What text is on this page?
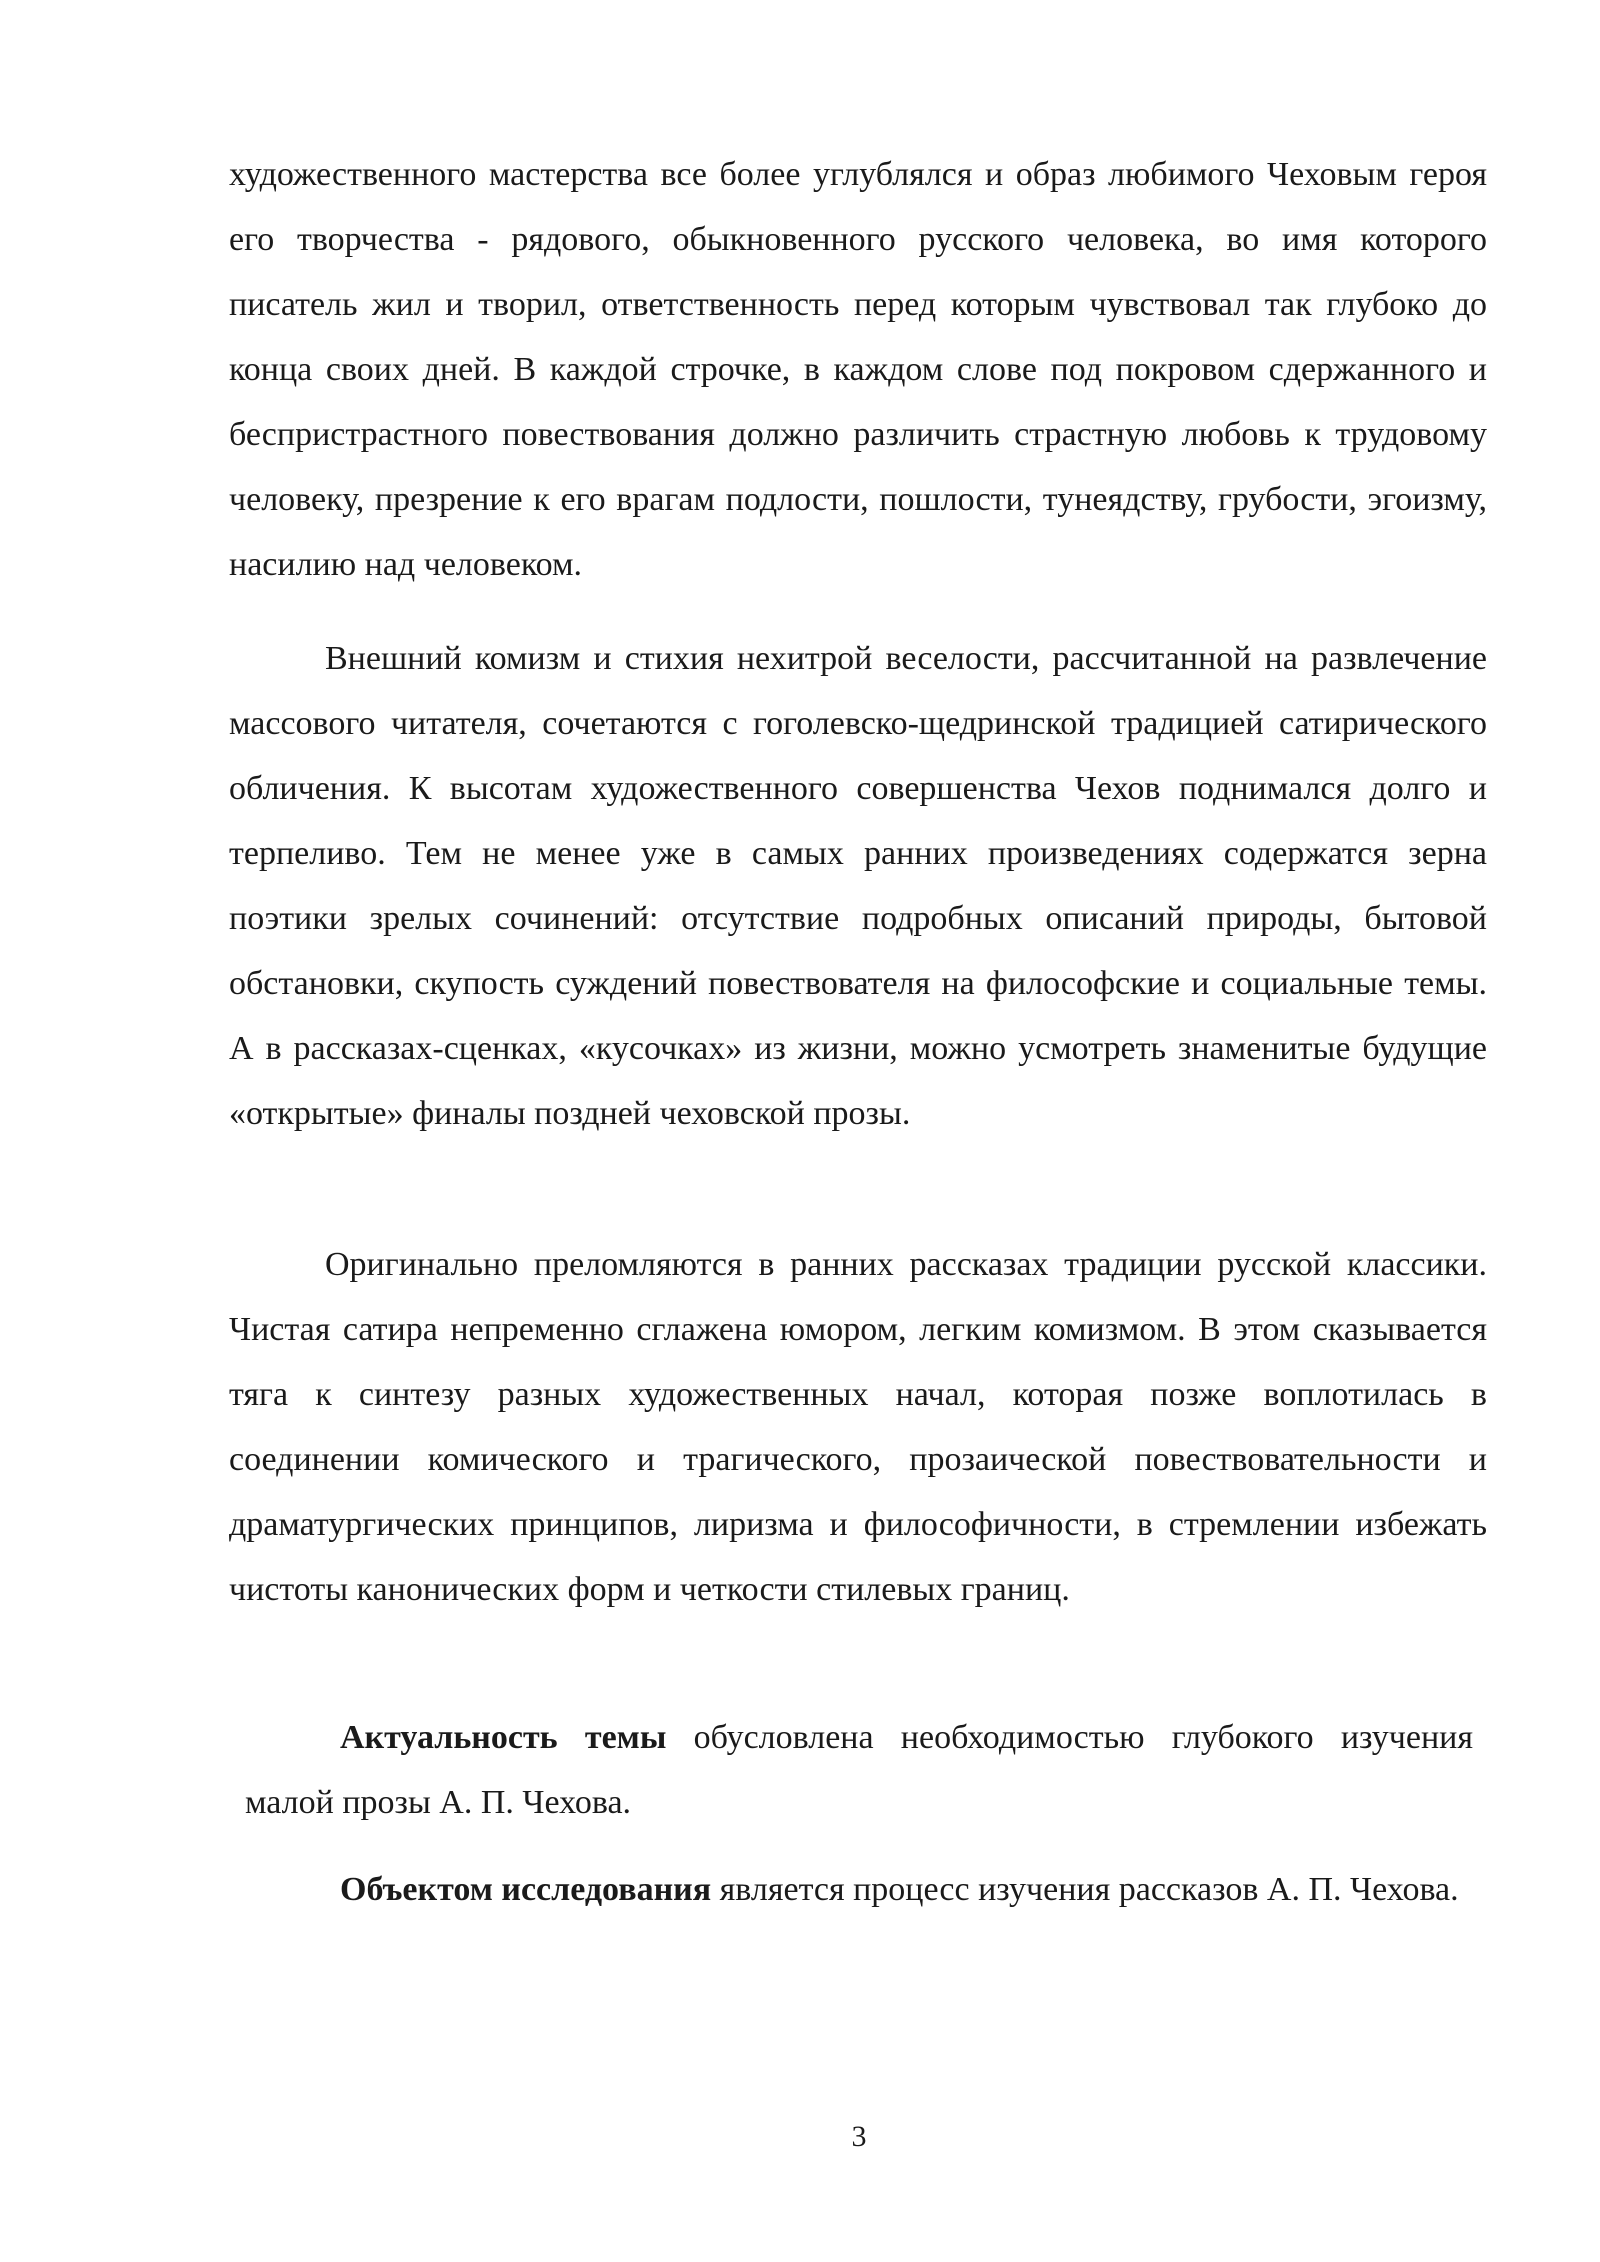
художественного мастерства все более углублялся и образ любимого Чеховым героя его творчества - рядового, обыкновенного русского человека, во имя которого писатель жил и творил, ответственность перед которым чувствовал так глубоко до конца своих дней. В каждой строчке, в каждом слове под покровом сдержанного и беспристрастного повествования должно различить страстную любовь к трудовому человеку, презрение к его врагам подлости, пошлости, тунеядству, грубости, эгоизму, насилию над человеком.

Внешний комизм и стихия нехитрой веселости, рассчитанной на развлечение массового читателя, сочетаются с гоголевско-щедринской традицией сатирического обличения. К высотам художественного совершенства Чехов поднимался долго и терпеливо. Тем не менее уже в самых ранних произведениях содержатся зерна поэтики зрелых сочинений: отсутствие подробных описаний природы, бытовой обстановки, скупость суждений повествователя на философские и социальные темы. А в рассказах-сценках, «кусочках» из жизни, можно усмотреть знаменитые будущие «открытые» финалы поздней чеховской прозы.

Оригинально преломляются в ранних рассказах традиции русской классики. Чистая сатира непременно сглажена юмором, легким комизмом. В этом сказывается тяга к синтезу разных художественных начал, которая позже воплотилась в соединении комического и трагического, прозаической повествовательности и драматургических принципов, лиризма и философичности, в стремлении избежать чистоты канонических форм и четкости стилевых границ.

Актуальность темы обусловлена необходимостью глубокого изучения малой прозы А. П. Чехова.

Объектом исследования является процесс изучения рассказов А. П. Чехова.

3
